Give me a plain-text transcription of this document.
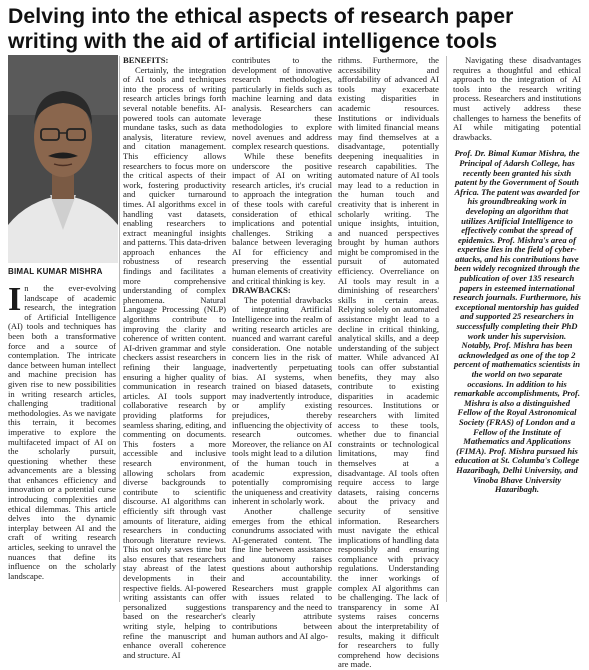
Delving into the ethical aspects of research paper writing with the aid of artificial intelligence tools
BIMAL KUMAR MISHRA
I n the ever-evolving landscape of academic research, the integration of Artificial Intelligence (AI) tools and techniques has been both a transformative force and a source of contemplation. The intricate dance between human intellect and machine precision has given rise to new possibilities in writing research articles, challenging traditional methodologies. As we navigate this terrain, it becomes imperative to explore the multifaceted impact of AI on the scholarly pursuit, questioning whether these advancements are a blessing that enhances efficiency and innovation or a potential curse introducing complexities and ethical dilemmas. This article delves into the dynamic interplay between AI and the craft of writing research articles, seeking to unravel the nuances that define its influence on the scholarly landscape.

BENEFITS:

Certainly, the integration of AI tools and techniques into the process of writing research articles brings forth several notable benefits. AI-powered tools can automate mundane tasks, such as data analysis, literature review, and citation management. This efficiency allows researchers to focus more on the critical aspects of their work, fostering productivity and quicker turnaround times. AI algorithms excel in handling vast datasets, enabling researchers to extract meaningful insights and patterns. This data-driven approach enhances the robustness of research findings and facilitates a more comprehensive understanding of complex phenomena. Natural Language Processing (NLP) algorithms contribute to improving the clarity and coherence of written content. AI-driven grammar and style checkers assist researchers in refining their language, ensuring a higher quality of communication in research articles. AI tools support collaborative research by providing platforms for seamless sharing, editing, and commenting on documents. This fosters a more accessible and inclusive research environment, allowing scholars from diverse backgrounds to contribute to scientific discourse. AI algorithms can efficiently sift through vast amounts of literature, aiding researchers in conducting thorough literature reviews. This not only saves time but also ensures that researchers stay abreast of the latest developments in their respective fields. AI-powered writing assistants can offer personalized suggestions based on the researcher's writing style, helping to refine the manuscript and enhance overall coherence and structure. AI

contributes to the development of innovative research methodologies, particularly in fields such as machine learning and data analysis. Researchers can leverage these methodologies to explore novel avenues and address complex research questions.

While these benefits underscore the positive impact of AI on writing research articles, it's crucial to approach the integration of these tools with careful consideration of ethical implications and potential challenges. Striking a balance between leveraging AI for efficiency and preserving the essential human elements of creativity and critical thinking is key.

DRAWBACKS:

The potential drawbacks of integrating Artificial Intelligence into the realm of writing research articles are nuanced and warrant careful consideration. One notable concern lies in the risk of inadvertently perpetuating bias. AI systems, when trained on biased datasets, may inadvertently introduce, or amplify existing prejudices, thereby influencing the objectivity of research outcomes. Moreover, the reliance on AI tools might lead to a dilution of the human touch in academic expression, potentially compromising the uniqueness and creativity inherent in scholarly work.

Another challenge emerges from the ethical conundrums associated with AI-generated content. The fine line between assistance and autonomy raises questions about authorship and accountability. Researchers must grapple with issues related to transparency and the need to clearly attribute contributions between human authors and AI algo-

rithms. Furthermore, the accessibility and affordability of advanced AI tools may exacerbate existing disparities in academic resources. Institutions or individuals with limited financial means may find themselves at a disadvantage, potentially deepening inequalities in research capabilities. The automated nature of AI tools may lead to a reduction in the human touch and creativity that is inherent in scholarly writing. The unique insights, intuition, and nuanced perspectives brought by human authors might be compromised in the pursuit of automated efficiency. Overreliance on AI tools may result in a diminishing of researchers' skills in certain areas. Relying solely on automated assistance might lead to a decline in critical thinking, analytical skills, and a deep understanding of the subject matter. While advanced AI tools can offer substantial benefits, they may also contribute to existing disparities in academic resources. Institutions or researchers with limited access to these tools, whether due to financial constraints or technological limitations, may find themselves at a disadvantage. AI tools often require access to large datasets, raising concerns about the privacy and security of sensitive information. Researchers must navigate the ethical implications of handling data responsibly and ensuring compliance with privacy regulations. Understanding the inner workings of complex AI algorithms can be challenging. The lack of transparency in some AI systems raises concerns about the interpretability of results, making it difficult for researchers to fully comprehend how decisions are made.

Navigating these disadvantages requires a thoughtful and ethical approach to the integration of AI tools into the research writing process. Researchers and institutions must actively address these challenges to harness the benefits of AI while mitigating potential drawbacks.

Prof. Dr. Bimal Kumar Mishra, the Principal of Adarsh College, has recently been granted his sixth patent by the Government of South Africa. The patent was awarded for his groundbreaking work in developing an algorithm that utilizes Artificial Intelligence to effectively combat the spread of epidemics. Prof. Mishra's area of expertise lies in the field of cyber-attacks, and his contributions have been widely recognized through the publication of over 135 research papers in esteemed international research journals. Furthermore, his exceptional mentorship has guided and supported 25 researchers in successfully completing their PhD work under his supervision. Notably, Prof. Mishra has been acknowledged as one of the top 2 percent of mathematics scientists in the world on two separate occasions. In addition to his remarkable accomplishments, Prof. Mishra is also a distinguished Fellow of the Royal Astronomical Society (FRAS) of London and a Fellow of the Institute of Mathematics and Applications (FIMA). Prof. Mishra pursued his education at St. Columba's College Hazaribagh, Delhi University, and Vinoba Bhave University Hazaribagh.
